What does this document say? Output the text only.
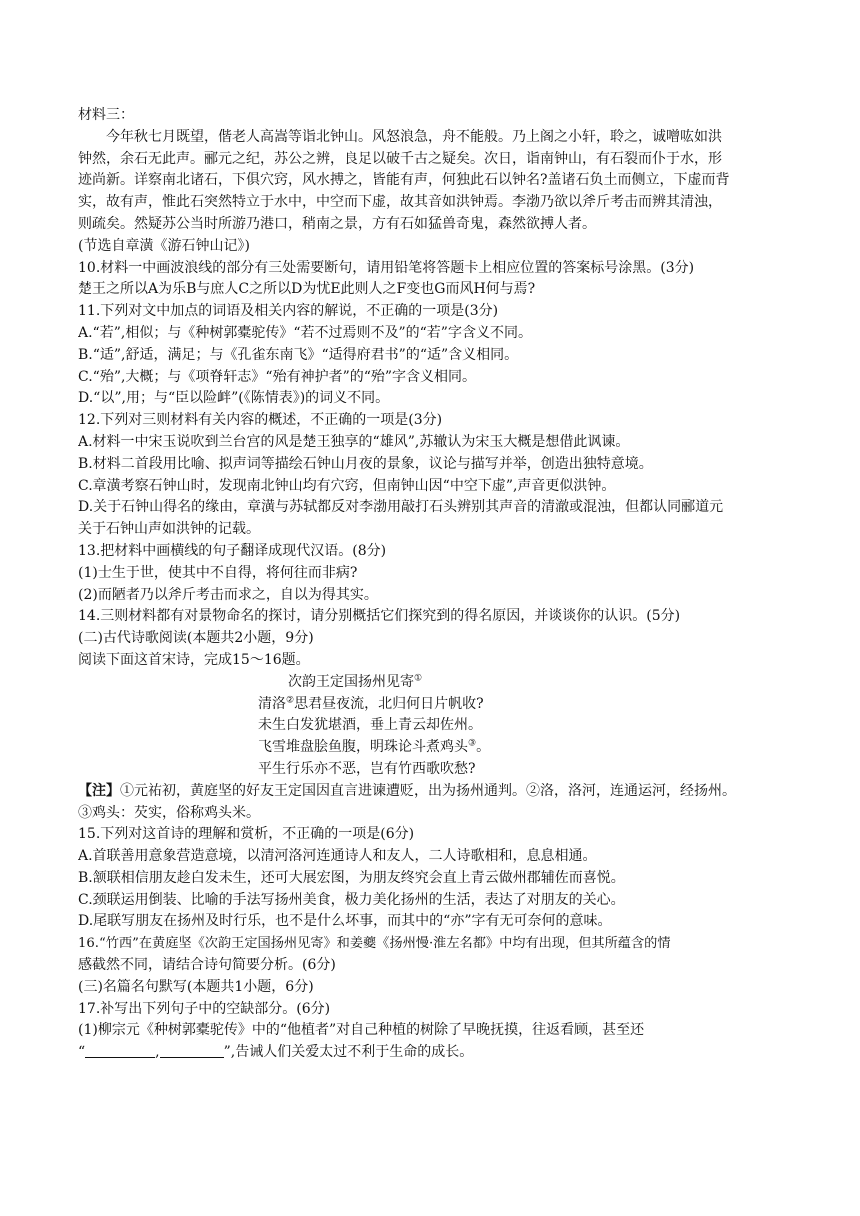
材料三：
今年秋七月既望，偕老人高嵩等诣北钟山。风怒浪急，舟不能般。乃上阁之小轩，聆之，诚噌吰如洪
钟然，余石无此声。郦元之纪，苏公之辨，良足以破千古之疑矣。次日，诣南钟山，有石裂而仆于水，形
迹尚新。详察南北诸石，下俱穴窍，风水搏之，皆能有声，何独此石以钟名?盖诸石负土而侧立，下虚而背
实，故有声，惟此石突然特立于水中，中空而下虚，故其音如洪钟焉。李渤乃欲以斧斤考击而辨其清浊，
则疏矣。然疑苏公当时所游乃港口，稍南之景，方有石如猛兽奇鬼，森然欲搏人者。
(节选自章潢《游石钟山记》)
10.材料一中画波浪线的部分有三处需要断句，请用铅笔将答题卡上相应位置的答案标号涂黑。(3分)
楚王之所以A为乐B与庶人C之所以D为忧E此则人之F变也G而风H何与焉?
11.下列对文中加点的词语及相关内容的解说，不正确的一项是(3分)
A.“若”,相似；与《种树郭橐驼传》“若不过焉则不及”的“若”字含义不同。
B.“适”,舒适，满足；与《孔雀东南飞》“适得府君书”的“适”含义相同。
C.“殆”,大概；与《项脊轩志》“殆有神护者”的“殆”字含义相同。
D.“以”,用；与“臣以险衅”(《陈情表》)的词义不同。
12.下列对三则材料有关内容的概述，不正确的一项是(3分)
A.材料一中宋玉说吹到兰台宫的风是楚王独享的“雄风”,苏辙认为宋玉大概是想借此讽谏。
B.材料二首段用比喻、拟声词等描绘石钟山月夜的景象，议论与描写并举，创造出独特意境。
C.章潢考察石钟山时，发现南北钟山均有穴窍，但南钟山因“中空下虚”,声音更似洪钟。
D.关于石钟山得名的缘由，章潢与苏轼都反对李渤用敲打石头辨别其声音的清澈或混浊，但都认同郦道元
关于石钟山声如洪钟的记载。
13.把材料中画横线的句子翻译成现代汉语。(8分)
(1)士生于世，使其中不自得，将何往而非病?
(2)而陋者乃以斧斤考击而求之，自以为得其实。
14.三则材料都有对景物命名的探讨，请分别概括它们探究到的得名原因，并谈谈你的认识。(5分)
(二)古代诗歌阅读(本题共2小题，9分)
阅读下面这首宋诗，完成15～16题。
次韵王定国扬州见寄①
清洛②思君昼夜流，北归何日片帆收?
未生白发犹堪酒，垂上青云却佐州。
飞雪堆盘脍鱼腹，明珠论斗煮鸡头③。
平生行乐亦不恶，岂有竹西歌吹愁?
【注】①元祐初，黄庭坚的好友王定国因直言进谏遭贬，出为扬州通判。②洛，洛河，连通运河，经扬州。
③鸡头：芡实，俗称鸡头米。
15.下列对这首诗的理解和赏析，不正确的一项是(6分)
A.首联善用意象营造意境，以清河洛河连通诗人和友人，二人诗歌相和，息息相通。
B.颔联相信朋友趁白发未生，还可大展宏图，为朋友终究会直上青云做州郡辅佐而喜悦。
C.颈联运用倒装、比喻的手法写扬州美食，极力美化扬州的生活，表达了对朋友的关心。
D.尾联写朋友在扬州及时行乐，也不是什么坏事，而其中的“亦”字有无可奈何的意味。
16.“竹西”在黄庭坚《次韵王定国扬州见寄》和姜夔《扬州慢·淮左名都》中均有出现，但其所蕴含的情
感截然不同，请结合诗句简要分析。(6分)
(三)名篇名句默写(本题共1小题，6分)
17.补写出下列句子中的空缺部分。(6分)
(1)柳宗元《种树郭橐驼传》中的“他植者”对自己种植的树除了早晚抚摸，往返看顾，甚至还
“	,	”,告诫人们关爱太过不利于生命的成长。
